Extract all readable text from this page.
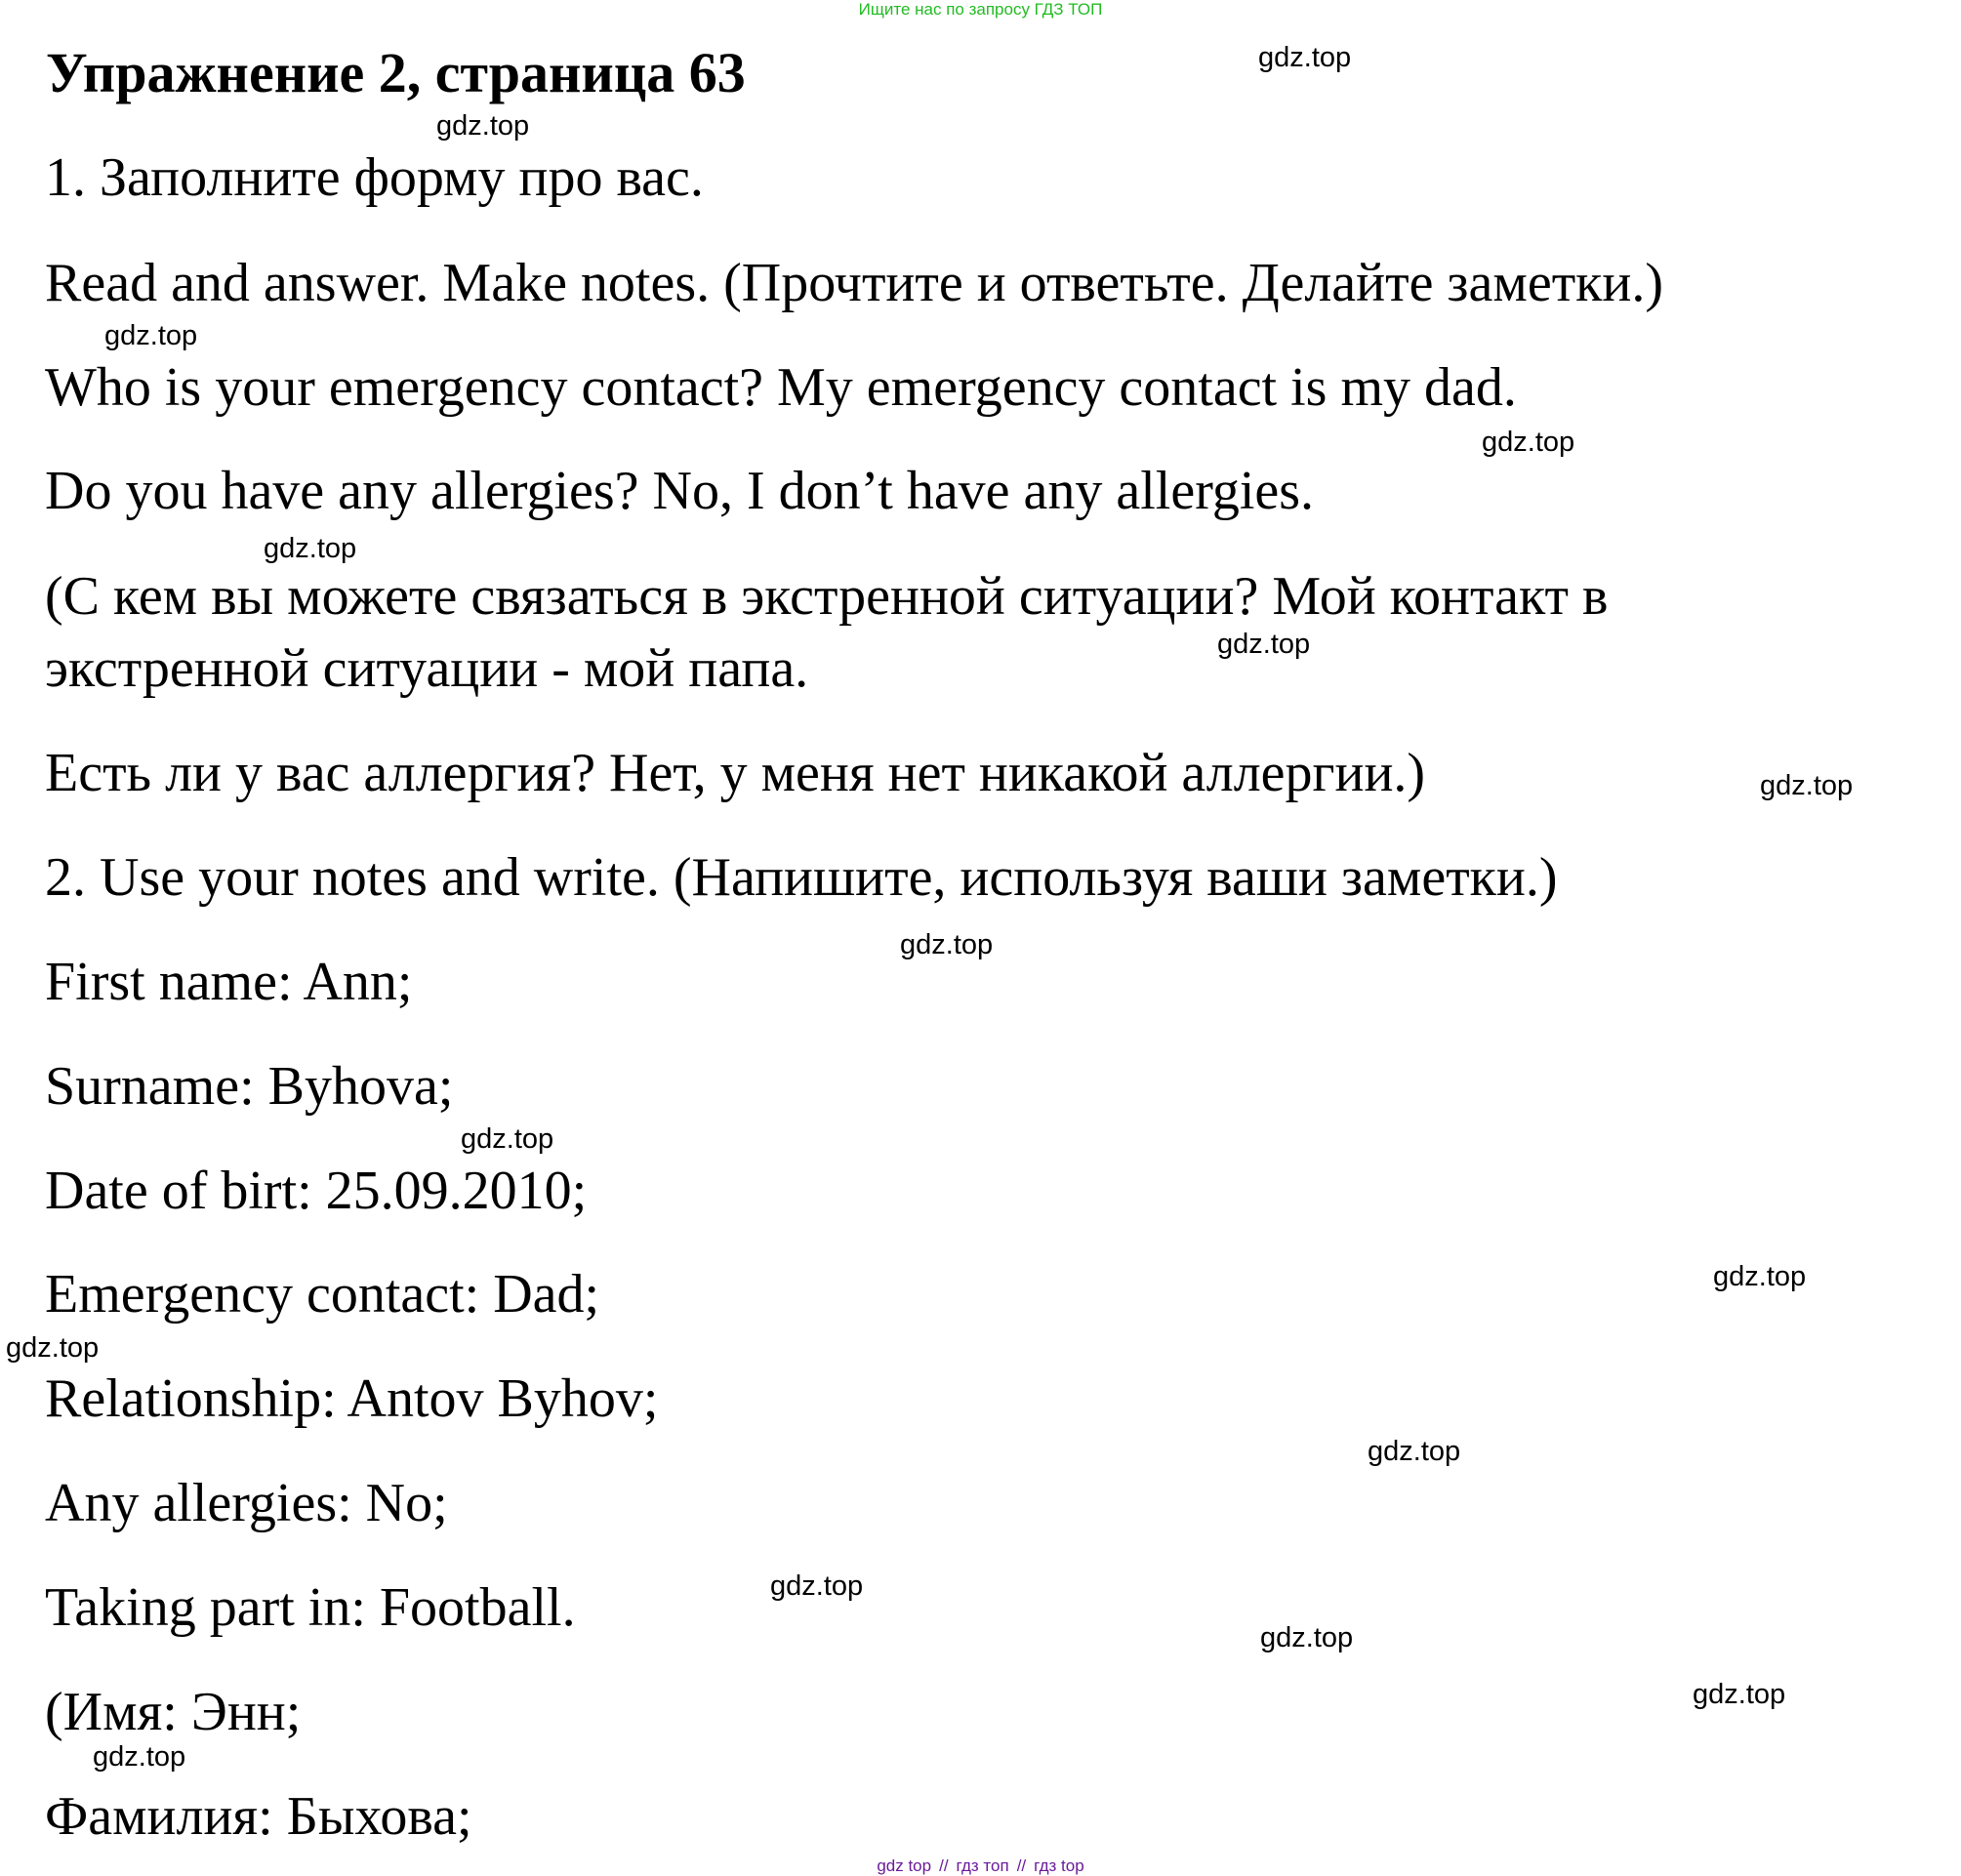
Ищите нас по запросу ГДЗ ТОП
Упражнение 2, страница 63
1. Заполните форму про вас.
Read and answer. Make notes. (Прочтите и ответьте. Делайте заметки.)
Who is your emergency contact? My emergency contact is my dad.
Do you have any allergies? No, I don’t have any allergies.
(С кем вы можете связаться в экстренной ситуации? Мой контакт в
экстренной ситуации - мой папа.
Есть ли у вас аллергия? Нет, у меня нет никакой аллергии.)
2. Use your notes and write. (Напишите, используя ваши заметки.)
First name: Ann;
Surname: Byhova;
Date of birt: 25.09.2010;
Emergency contact: Dad;
Relationship: Antov Byhov;
Any allergies: No;
Taking part in: Football.
(Имя: Энн;
Фамилия: Быхова;
gdz.top
gdz.top
gdz.top
gdz.top
gdz.top
gdz.top
gdz.top
gdz.top
gdz.top
gdz.top
gdz.top
gdz.top
gdz.top
gdz.top
gdz.top
gdz.top
gdz top // гдз топ // гдз top
